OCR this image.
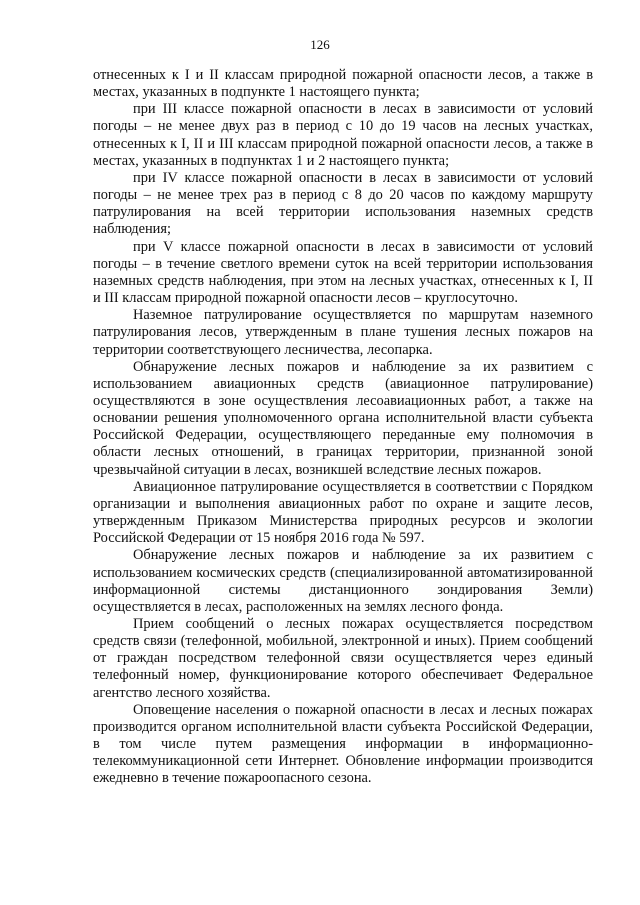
126

отнесенных к I и II классам природной пожарной опасности лесов, а также в местах, указанных в подпункте 1 настоящего пункта;

при III классе пожарной опасности в лесах в зависимости от условий погоды – не менее двух раз в период с 10 до 19 часов на лесных участках, отнесенных к I, II и III классам природной пожарной опасности лесов, а также в местах, указанных в подпунктах 1 и 2 настоящего пункта;

при IV классе пожарной опасности в лесах в зависимости от условий погоды – не менее трех раз в период с 8 до 20 часов по каждому маршруту патрулирования на всей территории использования наземных средств наблюдения;

при V классе пожарной опасности в лесах в зависимости от условий погоды – в течение светлого времени суток на всей территории использования наземных средств наблюдения, при этом на лесных участках, отнесенных к I, II и III классам природной пожарной опасности лесов – круглосуточно.

Наземное патрулирование осуществляется по маршрутам наземного патрулирования лесов, утвержденным в плане тушения лесных пожаров на территории соответствующего лесничества, лесопарка.

Обнаружение лесных пожаров и наблюдение за их развитием с использованием авиационных средств (авиационное патрулирование) осуществляются в зоне осуществления лесоавиационных работ, а также на основании решения уполномоченного органа исполнительной власти субъекта Российской Федерации, осуществляющего переданные ему полномочия в области лесных отношений, в границах территории, признанной зоной чрезвычайной ситуации в лесах, возникшей вследствие лесных пожаров.

Авиационное патрулирование осуществляется в соответствии с Порядком организации и выполнения авиационных работ по охране и защите лесов, утвержденным Приказом Министерства природных ресурсов и экологии Российской Федерации от 15 ноября 2016 года № 597.

Обнаружение лесных пожаров и наблюдение за их развитием с использованием космических средств (специализированной автоматизированной информационной системы дистанционного зондирования Земли) осуществляется в лесах, расположенных на землях лесного фонда.

Прием сообщений о лесных пожарах осуществляется посредством средств связи (телефонной, мобильной, электронной и иных). Прием сообщений от граждан посредством телефонной связи осуществляется через единый телефонный номер, функционирование которого обеспечивает Федеральное агентство лесного хозяйства.

Оповещение населения о пожарной опасности в лесах и лесных пожарах производится органом исполнительной власти субъекта Российской Федерации, в том числе путем размещения информации в информационно-телекоммуникационной сети Интернет. Обновление информации производится ежедневно в течение пожароопасного сезона.
